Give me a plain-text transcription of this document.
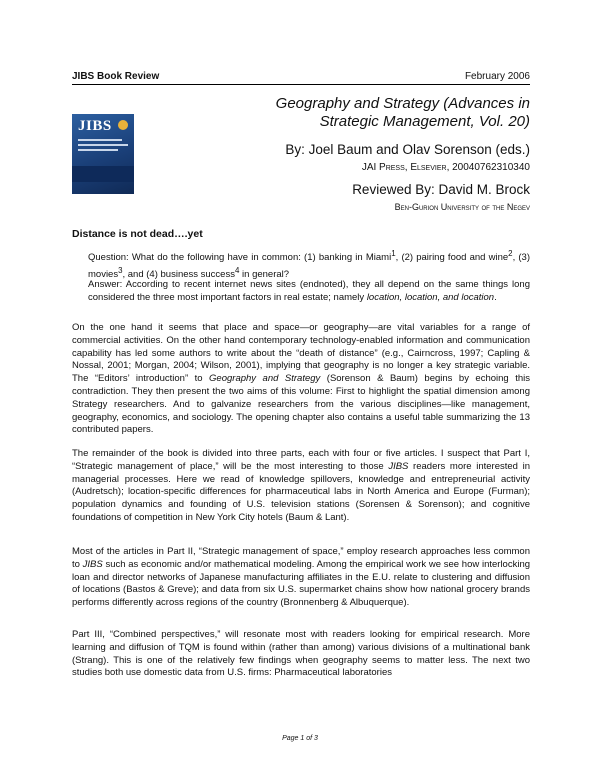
JIBS Book Review	February 2006
JIBS
Geography and Strategy (Advances in
Strategic Management, Vol. 20)
By: Joel Baum and Olav Sorenson (eds.)
JAI Press, Elsevier, 20040762310340
Reviewed By: David M. Brock
Ben-Gurion University of the Negev
Distance is not dead….yet
Question: What do the following have in common: (1) banking in Miami$^1$, (2) pairing food and wine$^2$, (3) movies$^3$, and (4) business success$^4$ in general?
Answer: According to recent internet news sites (endnoted), they all depend on the same things long considered the three most important factors in real estate; namely location, location, and location.
On the one hand it seems that place and space—or geography—are vital variables for a range of commercial activities. On the other hand contemporary technology-enabled information and communication capability has led some authors to write about the “death of distance” (e.g., Cairncross, 1997; Capling & Nossal, 2001; Morgan, 2004; Wilson, 2001), implying that geography is no longer a key strategic variable. The “Editors’ introduction” to Geography and Strategy (Sorenson & Baum) begins by echoing this contradiction. They then present the two aims of this volume: First to highlight the spatial dimension among Strategy researchers. And to galvanize researchers from the various disciplines—like management, geography, economics, and sociology. The opening chapter also contains a useful table summarizing the 13 contributed papers.
The remainder of the book is divided into three parts, each with four or five articles. I suspect that Part I, “Strategic management of place,” will be the most interesting to those JIBS readers more interested in managerial processes. Here we read of knowledge spillovers, knowledge and entrepreneurial activity (Audretsch); location-specific differences for pharmaceutical labs in North America and Europe (Furman); population dynamics and founding of U.S. television stations (Sorensen & Sorenson); and cognitive foundations of competition in New York City hotels (Baum & Lant).
Most of the articles in Part II, “Strategic management of space,” employ research approaches less common to JIBS such as economic and/or mathematical modeling. Among the empirical work we see how interlocking loan and director networks of Japanese manufacturing affiliates in the E.U. relate to clustering and diffusion of locations (Bastos & Greve); and data from six U.S. supermarket chains show how national grocery brands performs differently across regions of the country (Bronnenberg & Albuquerque).
Part III, “Combined perspectives,” will resonate most with readers looking for empirical research. More learning and diffusion of TQM is found within (rather than among) various divisions of a multinational bank (Strang). This is one of the relatively few findings when geography seems to matter less. The next two studies both use domestic data from U.S. firms: Pharmaceutical laboratories
Page 1 of 3
